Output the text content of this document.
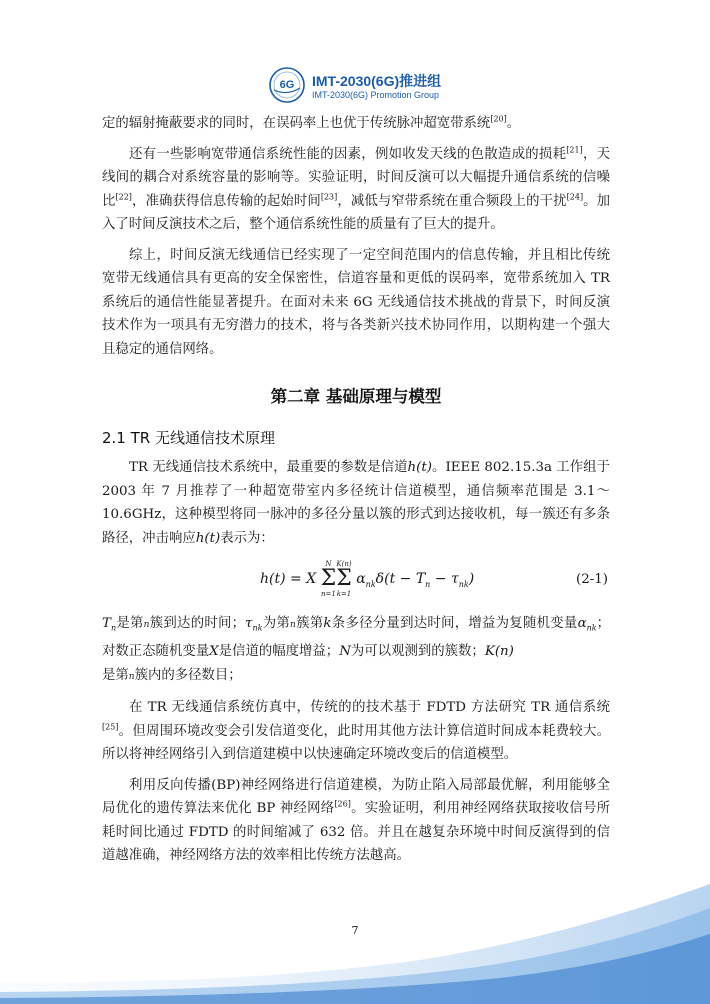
6G IMT-2030(6G)推进组
IMT-2030(6G) Promotion Group

定的辐射掩蔽要求的同时，在误码率上也优于传统脉冲超宽带系统[20]。

还有一些影响宽带通信系统性能的因素，例如收发天线的色散造成的损耗[21]，天线间的耦合对系统容量的影响等。实验证明，时间反演可以大幅提升通信系统的信噪比[22]，准确获得信息传输的起始时间[23]，减低与窄带系统在重合频段上的干扰[24]。加入了时间反演技术之后，整个通信系统性能的质量有了巨大的提升。

综上，时间反演无线通信已经实现了一定空间范围内的信息传输，并且相比传统宽带无线通信具有更高的安全保密性，信道容量和更低的误码率，宽带系统加入 TR 系统后的通信性能显著提升。在面对未来 6G 无线通信技术挑战的背景下，时间反演技术作为一项具有无穷潜力的技术，将与各类新兴技术协同作用，以期构建一个强大且稳定的通信网络。

第二章 基础原理与模型
2.1 TR 无线通信技术原理

TR 无线通信技术系统中，最重要的参数是信道h(t)。IEEE 802.15.3a 工作组于 2003 年 7 月推荐了一种超宽带室内多径统计信道模型，通信频率范围是 3.1～10.6GHz，这种模型将同一脉冲的多径分量以簇的形式到达接收机，每一簇还有多条路径，冲击响应h(t)表示为：

h(t) = X
N
Σ
n=1
K(n)
Σ
k=1
$\alpha_{nk}\delta(t - T_n - \tau_{nk})$	(2-1)

$T_n$是第n簇到达的时间；$\tau_{nk}$为第n簇第k条多径分量到达时间，增益为复随机变量$\alpha_{nk}$；对数正态随机变量X是信道的幅度增益；N为可以观测到的簇数；K(n)
是第n簇内的多径数目；

在 TR 无线通信系统仿真中，传统的的技术基于 FDTD 方法研究 TR 通信系统[25]。但周围环境改变会引发信道变化，此时用其他方法计算信道时间成本耗费较大。所以将神经网络引入到信道建模中以快速确定环境改变后的信道模型。

利用反向传播(BP)神经网络进行信道建模，为防止陷入局部最优解，利用能够全局优化的遗传算法来优化 BP 神经网络[26]。实验证明，利用神经网络获取接收信号所耗时间比通过 FDTD 的时间缩减了 632 倍。并且在越复杂环境中时间反演得到的信道越准确，神经网络方法的效率相比传统方法越高。

7
